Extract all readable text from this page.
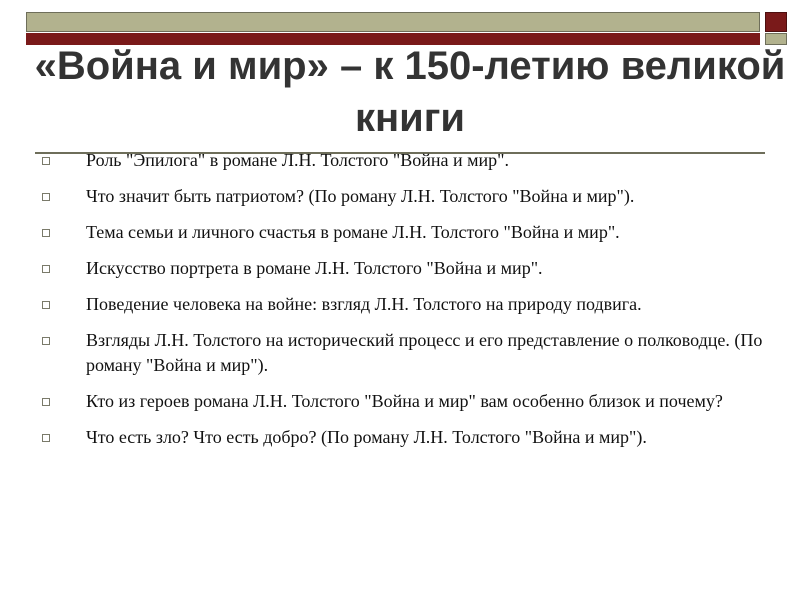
«Война и мир» – к 150-летию великой книги
Роль "Эпилога" в романе Л.Н. Толстого "Война и мир".
Что значит быть патриотом? (По роману Л.Н. Толстого "Война и мир").
Тема семьи и личного счастья в романе Л.Н. Толстого "Война и мир".
Искусство портрета в романе Л.Н. Толстого "Война и мир".
Поведение человека на войне: взгляд Л.Н. Толстого на природу подвига.
Взгляды Л.Н. Толстого на исторический процесс и его представление о полководце. (По роману "Война и мир").
Кто из героев романа Л.Н. Толстого "Война и мир" вам особенно близок и почему?
Что есть зло? Что есть добро? (По роману Л.Н. Толстого "Война и мир").
